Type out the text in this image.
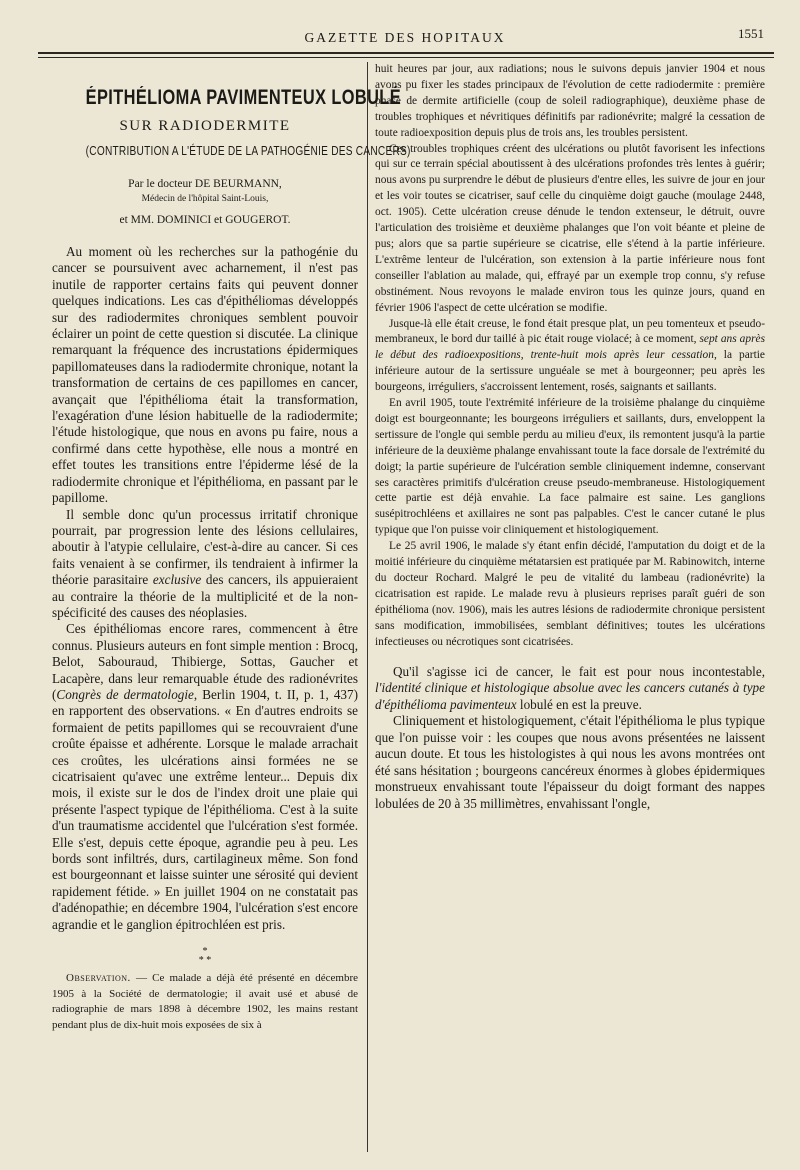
GAZETTE DES HOPITAUX	1551
ÉPITHÉLIOMA PAVIMENTEUX LOBULÉ
SUR RADIODERMITE
(CONTRIBUTION A L'ÉTUDE DE LA PATHOGÉNIE DES CANCERS)
Par le docteur DE BEURMANN,
Médecin de l'hôpital Saint-Louis,
et MM. DOMINICI et GOUGEROT.

Au moment où les recherches sur la pathogénie du cancer se poursuivent avec acharnement, il n'est pas inutile de rapporter certains faits qui peuvent donner quelques indications. Les cas d'épithéliomas développés sur des radiodermites chroniques semblent pouvoir éclairer un point de cette question si discutée. La clinique remarquant la fréquence des incrustations épidermiques papillomateuses dans la radiodermite chronique, notant la transformation de certains de ces papillomes en cancer, avançait que l'épithélioma était la transformation, l'exagération d'une lésion habituelle de la radiodermite; l'étude histologique, que nous en avons pu faire, nous a confirmé dans cette hypothèse, elle nous a montré en effet toutes les transitions entre l'épiderme lésé de la radiodermite chronique et l'épithélioma, en passant par le papillome.

Il semble donc qu'un processus irritatif chronique pourrait, par progression lente des lésions cellulaires, aboutir à l'atypie cellulaire, c'est-à-dire au cancer. Si ces faits venaient à se confirmer, ils tendraient à infirmer la théorie parasitaire exclusive des cancers, ils appuieraient au contraire la théorie de la multiplicité et de la non-spécificité des causes des néoplasies.

Ces épithéliomas encore rares, commencent à être connus. Plusieurs auteurs en font simple mention : Brocq, Belot, Sabouraud, Thibierge, Sottas, Gaucher et Lacapère, dans leur remarquable étude des radionévrites (Congrès de dermatologie, Berlin 1904, t. II, p. 1, 437) en rapportent des observations. « En d'autres endroits se formaient de petits papillomes qui se recouvraient d'une croûte épaisse et adhérente. Lorsque le malade arrachait ces croûtes, les ulcérations ainsi formées ne se cicatrisaient qu'avec une extrême lenteur... Depuis dix mois, il existe sur le dos de l'index droit une plaie qui présente l'aspect typique de l'épithélioma. C'est à la suite d'un traumatisme accidentel que l'ulcération s'est formée. Elle s'est, depuis cette époque, agrandie peu à peu. Les bords sont infiltrés, durs, cartilagineux même. Son fond est bourgeonnant et laisse suinter une sérosité qui devient rapidement fétide. » En juillet 1904 on ne constatait pas d'adénopathie; en décembre 1904, l'ulcération s'est encore agrandie et le ganglion épitrochléen est pris.

*
* *

Observation. — Ce malade a déjà été présenté en décembre 1905 à la Société de dermatologie; il avait usé et abusé de radiographie de mars 1898 à décembre 1902, les mains restant pendant plus de dix-huit mois exposées de six à

huit heures par jour, aux radiations; nous le suivons depuis janvier 1904 et nous avons pu fixer les stades principaux de l'évolution de cette radiodermite : première phase de dermite artificielle (coup de soleil radiographique), deuxième phase de troubles trophiques et névritiques définitifs par radionévrite; malgré la cessation de toute radioexposition depuis plus de trois ans, les troubles persistent.

Ces troubles trophiques créent des ulcérations ou plutôt favorisent les infections qui sur ce terrain spécial aboutissent à des ulcérations profondes très lentes à guérir; nous avons pu surprendre le début de plusieurs d'entre elles, les suivre de jour en jour et les voir toutes se cicatriser, sauf celle du cinquième doigt gauche (moulage 2448, oct. 1905). Cette ulcération creuse dénude le tendon extenseur, le détruit, ouvre l'articulation des troisième et deuxième phalanges que l'on voit béante et pleine de pus; alors que sa partie supérieure se cicatrise, elle s'étend à la partie inférieure. L'extrême lenteur de l'ulcération, son extension à la partie inférieure nous font conseiller l'ablation au malade, qui, effrayé par un exemple trop connu, s'y refuse obstinément. Nous revoyons le malade environ tous les quinze jours, quand en février 1906 l'aspect de cette ulcération se modifie.

Jusque-là elle était creuse, le fond était presque plat, un peu tomenteux et pseudo-membraneux, le bord dur taillé à pic était rouge violacé; à ce moment, sept ans après le début des radioexpositions, trente-huit mois après leur cessation, la partie inférieure autour de la sertissure unguéale se met à bourgeonner; peu après les bourgeons, irréguliers, s'accroissent lentement, rosés, saignants et saillants.

En avril 1905, toute l'extrémité inférieure de la troisième phalange du cinquième doigt est bourgeonnante; les bourgeons irréguliers et saillants, durs, enveloppent la sertissure de l'ongle qui semble perdu au milieu d'eux, ils remontent jusqu'à la partie inférieure de la deuxième phalange envahissant toute la face dorsale de l'extrémité du doigt; la partie supérieure de l'ulcération semble cliniquement indemne, conservant ses caractères primitifs d'ulcération creuse pseudo-membraneuse. Histologiquement cette partie est déjà envahie. La face palmaire est saine. Les ganglions susépitrochléens et axillaires ne sont pas palpables. C'est le cancer cutané le plus typique que l'on puisse voir cliniquement et histologiquement.

Le 25 avril 1906, le malade s'y étant enfin décidé, l'amputation du doigt et de la moitié inférieure du cinquième métatarsien est pratiquée par M. Rabinowitch, interne du docteur Rochard. Malgré le peu de vitalité du lambeau (radionévrite) la cicatrisation est rapide. Le malade revu à plusieurs reprises paraît guéri de son épithélioma (nov. 1906), mais les autres lésions de radiodermite chronique persistent sans modification, immobilisées, semblant définitives; toutes les ulcérations infectieuses ou nécrotiques sont cicatrisées.

Qu'il s'agisse ici de cancer, le fait est pour nous incontestable, l'identité clinique et histologique absolue avec les cancers cutanés à type d'épithélioma pavimenteux lobulé en est la preuve.

Cliniquement et histologiquement, c'était l'épithélioma le plus typique que l'on puisse voir : les coupes que nous avons présentées ne laissent aucun doute. Et tous les histologistes à qui nous les avons montrées ont été sans hésitation ; bourgeons cancéreux énormes à globes épidermiques monstrueux envahissant toute l'épaisseur du doigt formant des nappes lobulées de 20 à 35 millimètres, envahissant l'ongle,
